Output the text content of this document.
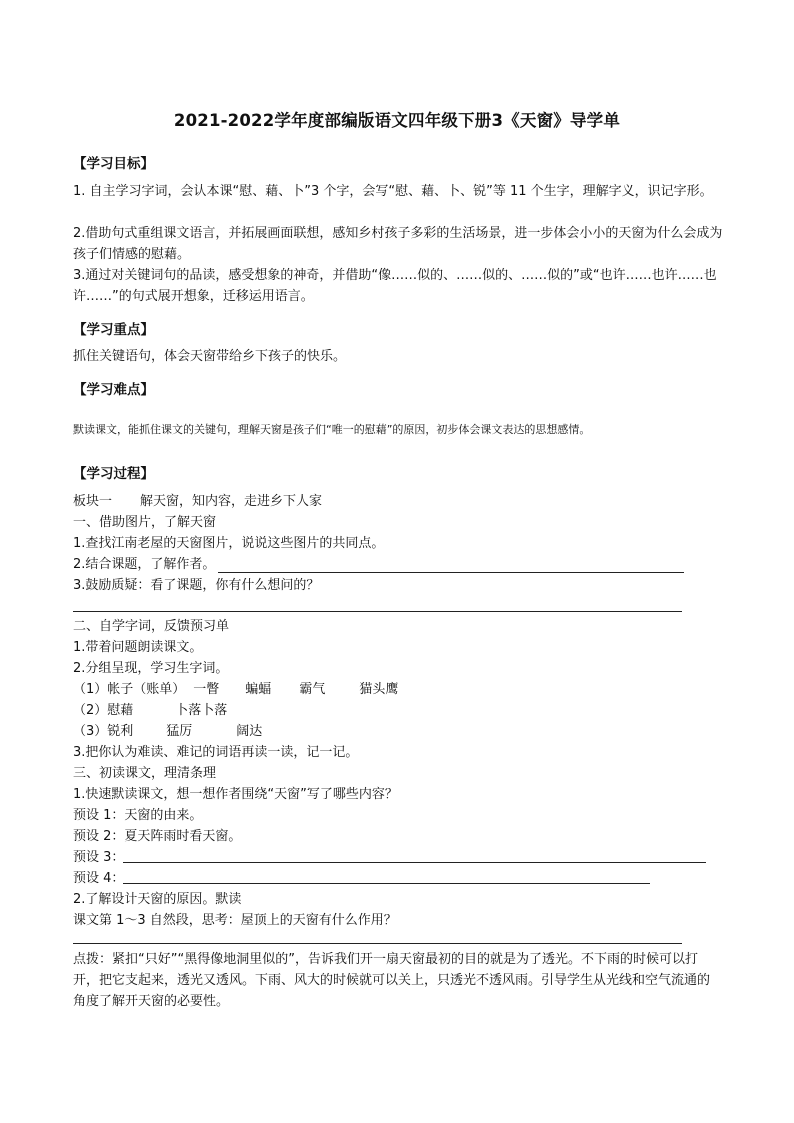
2021-2022学年度部编版语文四年级下册3《天窗》导学单
【学习目标】
1. 自主学习字词，会认本课“慰、藉、卜”3 个字，会写“慰、藉、卜、锐”等 11 个生字，理解字义，识记字形。
2.借助句式重组课文语言，并拓展画面联想，感知乡村孩子多彩的生活场景，进一步体会小小的天窗为什么会成为孩子们情感的慰藉。
3.通过对关键词句的品读，感受想象的神奇，并借助“像……似的、……似的、……似的”或“也许……也许……也许……”的句式展开想象，迁移运用语言。
【学习重点】
抓住关键语句，体会天窗带给乡下孩子的快乐。
【学习难点】
默读课文，能抓住课文的关键句，理解天窗是孩子们“唯一的慰藉”的原因，初步体会课文表达的思想感情。
【学习过程】
板块一 解天窗，知内容，走进乡下人家
一、借助图片，了解天窗
1.查找江南老屋的天窗图片，说说这些图片的共同点。
2.结合课题，了解作者。
3.鼓励质疑：看了课题，你有什么想问的？
二、自学字词，反馈预习单
1.带着问题朗读课文。
2.分组呈现，学习生字词。
（1）帐子（账单） 一瞥 蝙蝠 霸气	猫头鹰
（2）慰藉	卜落卜落
（3）锐利	猛厉	阔达
3.把你认为难读、难记的词语再读一读，记一记。
三、初读课文，理清条理
1.快速默读课文，想一想作者围绕“天窗”写了哪些内容？
预设 1：天窗的由来。
预设 2：夏天阵雨时看天窗。
预设 3：
预设 4：
2.了解设计天窗的原因。默读
课文第 1～3 自然段，思考：屋顶上的天窗有什么作用？
点拨：紧扣“只好”“黑得像地洞里似的”，告诉我们开一扇天窗最初的目的就是为了透光。不下雨的时候可以打开，把它支起来，透光又透风。下雨、风大的时候就可以关上，只透光不透风雨。引导学生从光线和空气流通的角度了解开天窗的必要性。
